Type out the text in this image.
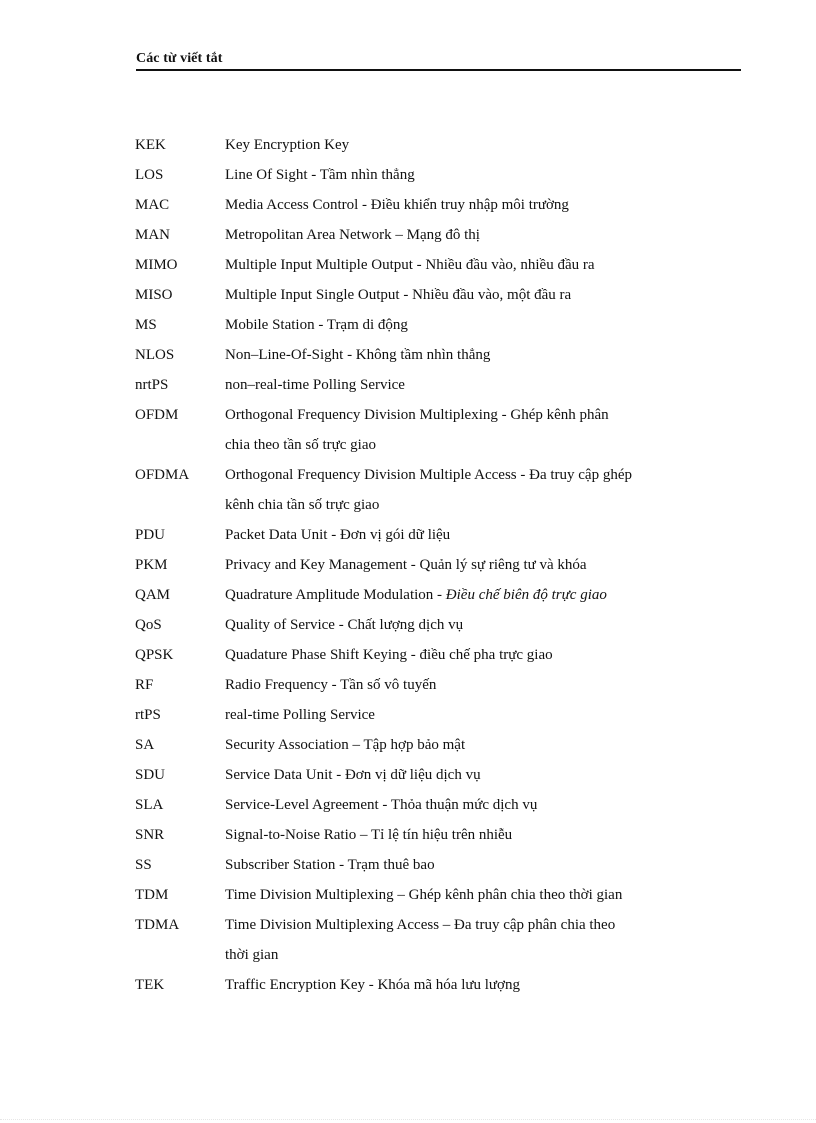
Các từ viết tắt
KEK	Key Encryption Key
LOS	Line Of Sight - Tầm nhìn thẳng
MAC	Media Access Control - Điều khiển truy nhập môi trường
MAN	Metropolitan Area Network – Mạng đô thị
MIMO	Multiple Input Multiple Output - Nhiều đầu vào, nhiều đầu ra
MISO	Multiple Input Single Output - Nhiều đầu vào, một đầu ra
MS	Mobile Station - Trạm di động
NLOS	Non–Line-Of-Sight - Không tầm nhìn thẳng
nrtPS	non–real-time Polling Service
OFDM	Orthogonal Frequency Division Multiplexing - Ghép kênh phân
chia theo tần số trực giao
OFDMA	Orthogonal Frequency Division Multiple Access - Đa truy cập ghép
kênh chia tần số trực giao
PDU	Packet Data Unit - Đơn vị gói dữ liệu
PKM	Privacy and Key Management - Quản lý sự riêng tư và khóa
QAM	Quadrature Amplitude Modulation - Điều chế biên độ trực giao
QoS	Quality of Service - Chất lượng dịch vụ
QPSK	Quadature Phase Shift Keying - điều chế pha trực giao
RF	Radio Frequency - Tần số vô tuyến
rtPS	real-time Polling Service
SA	Security Association – Tập hợp bảo mật
SDU	Service Data Unit - Đơn vị dữ liệu dịch vụ
SLA	Service-Level Agreement - Thỏa thuận mức dịch vụ
SNR	Signal-to-Noise Ratio – Tỉ lệ tín hiệu trên nhiễu
SS	Subscriber Station - Trạm thuê bao
TDM	Time Division Multiplexing – Ghép kênh phân chia theo thời gian
TDMA	Time Division Multiplexing Access – Đa truy cập phân chia theo
thời gian
TEK	Traffic Encryption Key - Khóa mã hóa lưu lượng
